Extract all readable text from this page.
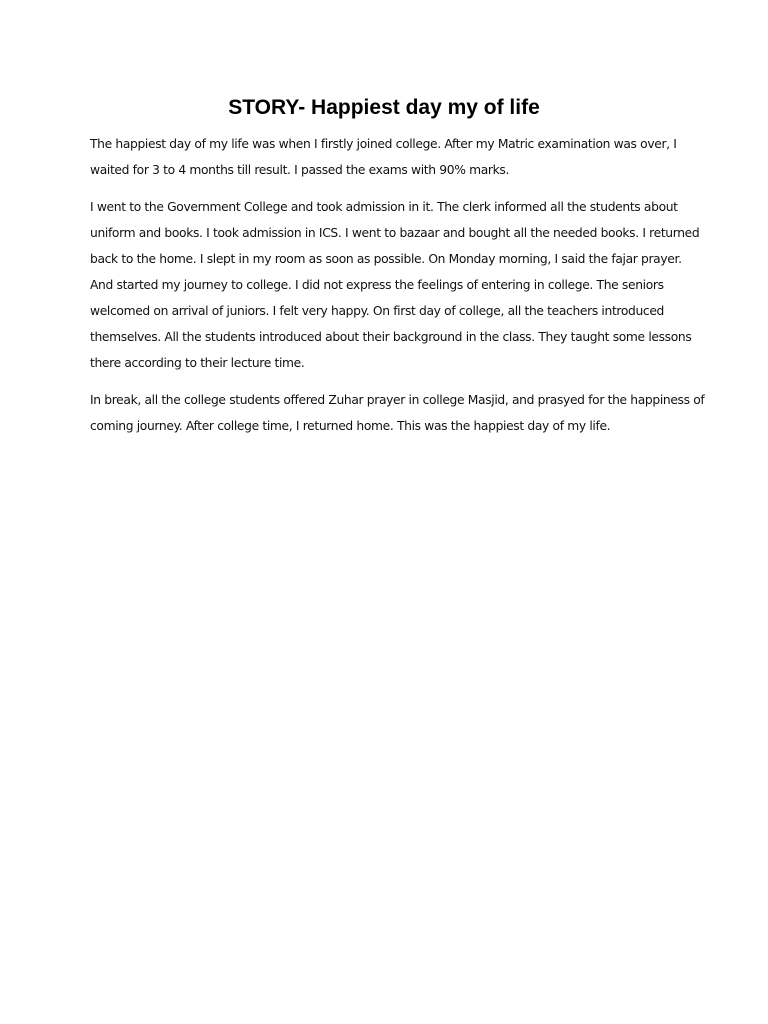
STORY- Happiest day my of life

The happiest day of my life was when I firstly joined college. After my Matric examination was over, I
waited for 3 to 4 months till result. I passed the exams with 90% marks.

I went to the Government College and took admission in it. The clerk informed all the students about
uniform and books. I took admission in ICS. I went to bazaar and bought all the needed books. I returned
back to the home. I slept in my room as soon as possible. On Monday morning, I said the fajar prayer.
And started my journey to college. I did not express the feelings of entering in college. The seniors
welcomed on arrival of juniors. I felt very happy. On first day of college, all the teachers introduced
themselves. All the students introduced about their background in the class. They taught some lessons
there according to their lecture time.

In break, all the college students offered Zuhar prayer in college Masjid, and prasyed for the happiness of
coming journey. After college time, I returned home. This was the happiest day of my life.
